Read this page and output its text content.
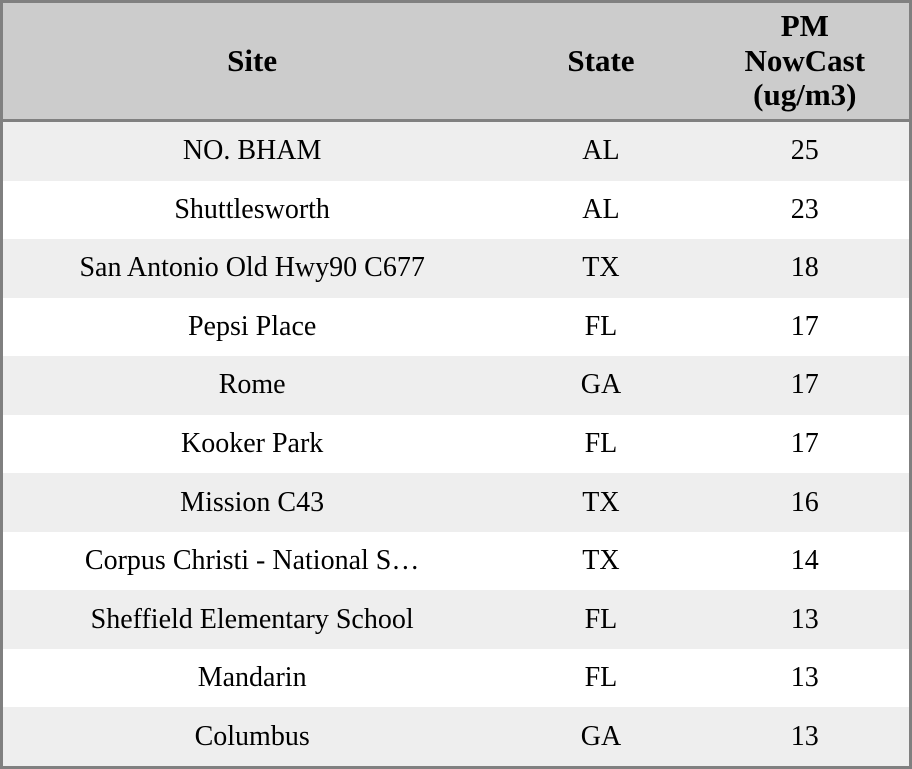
Site	State	PM
NowCast
(ug/m3)
NO. BHAM	AL	25
Shuttlesworth	AL	23
San Antonio Old Hwy90 C677	TX	18
Pepsi Place	FL	17
Rome	GA	17
Kooker Park	FL	17
Mission C43	TX	16
Corpus Christi - National S…	TX	14
Sheffield Elementary School	FL	13
Mandarin	FL	13
Columbus	GA	13
